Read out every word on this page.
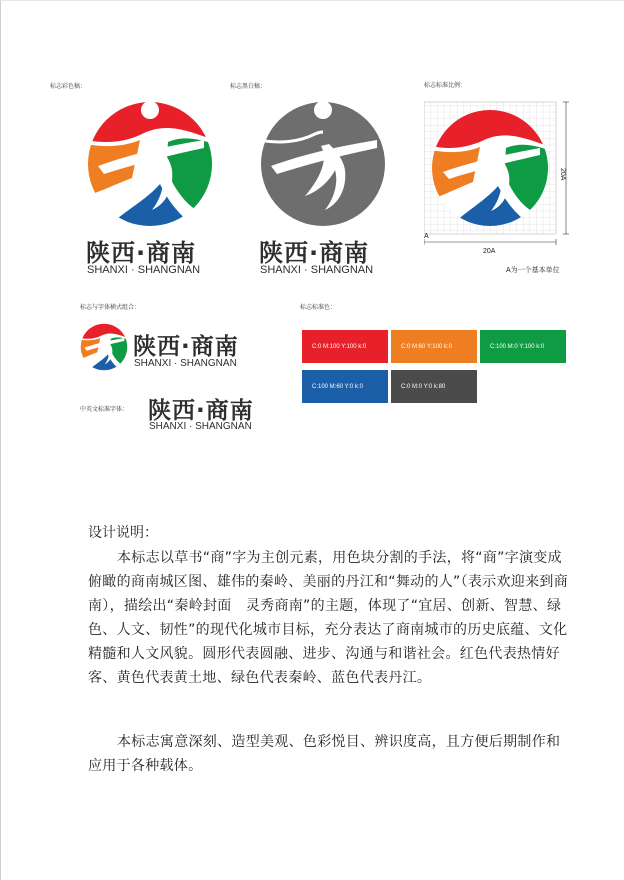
标志彩色稿：	标志黑白稿：	标志标准比例：
标志与字体横式组合：	标志标准色：
中英文标准字体：
陕西·商南
SHANXI · SHANGNAN
陕西·商南
SHANXI · SHANGNAN
20A
20A
A
A为一个基本单位
陕西·商南
SHANXI · SHANGNAN
陕西·商南
SHANXI · SHANGNAN
C:0 M:100 Y:100 k:0	C:0 M:60 Y:100 k:0	C:100 M:0 Y:100 k:0
C:100 M:60 Y:0 k:0	C:0 M:0 Y:0 k:80
设计说明：
本标志以草书“商”字为主创元素，用色块分割的手法，将“商”字演变成俯瞰的商南城区图、雄伟的秦岭、美丽的丹江和“舞动的人”（表示欢迎来到商南），描绘出“秦岭封面　灵秀商南”的主题，体现了“宜居、创新、智慧、绿色、人文、韧性”的现代化城市目标，充分表达了商南城市的历史底蕴、文化精髓和人文风貌。圆形代表圆融、进步、沟通与和谐社会。红色代表热情好客、黄色代表黄土地、绿色代表秦岭、蓝色代表丹江。
本标志寓意深刻、造型美观、色彩悦目、辨识度高，且方便后期制作和应用于各种载体。
